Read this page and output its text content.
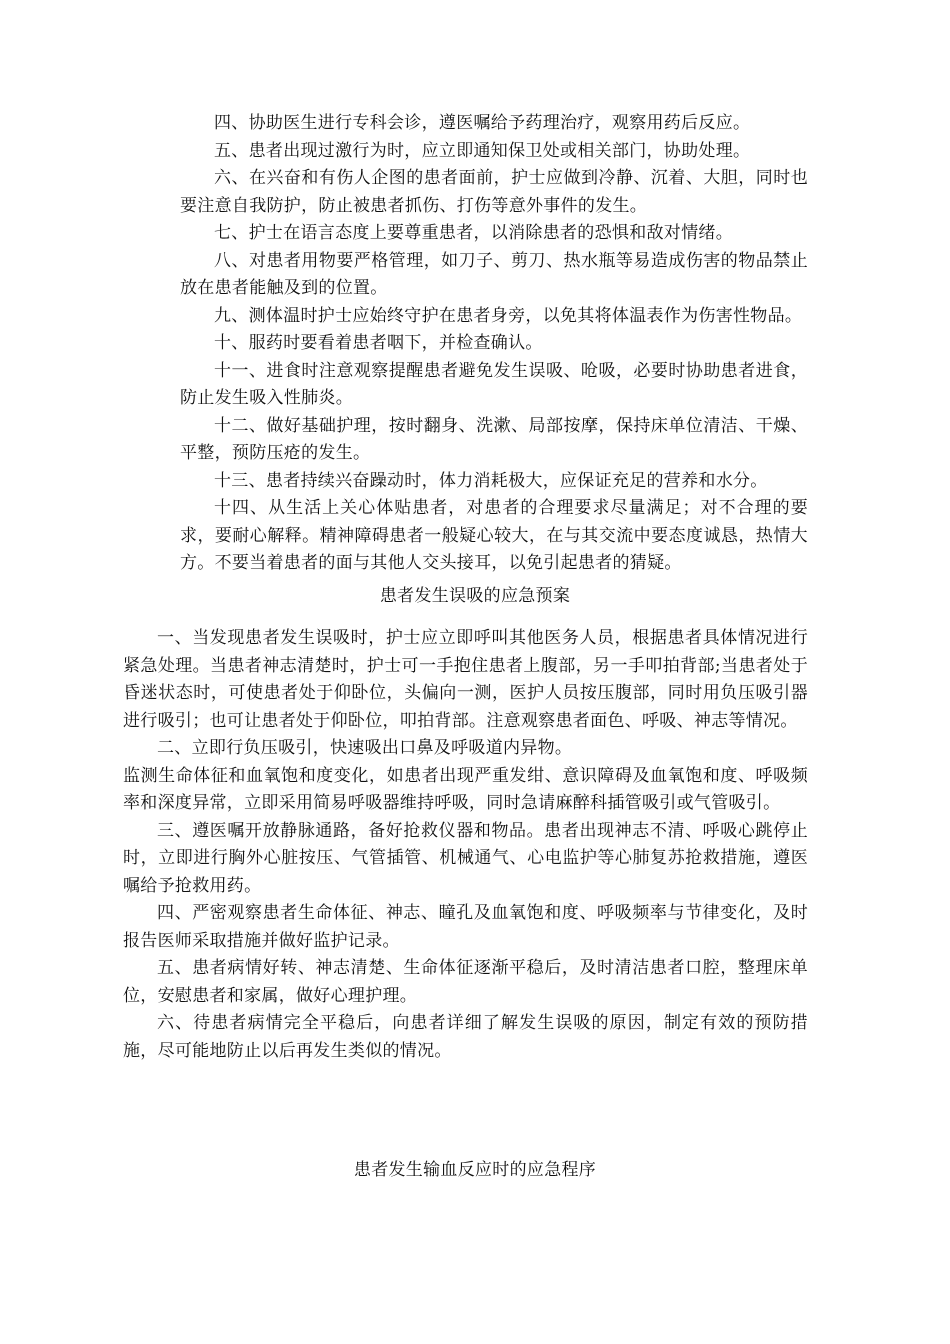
四、协助医生进行专科会诊，遵医嘱给予药理治疗，观察用药后反应。

五、患者出现过激行为时，应立即通知保卫处或相关部门，协助处理。

六、在兴奋和有伤人企图的患者面前，护士应做到冷静、沉着、大胆，同时也要注意自我防护，防止被患者抓伤、打伤等意外事件的发生。

七、护士在语言态度上要尊重患者，以消除患者的恐惧和敌对情绪。

八、对患者用物要严格管理，如刀子、剪刀、热水瓶等易造成伤害的物品禁止放在患者能触及到的位置。

九、测体温时护士应始终守护在患者身旁，以免其将体温表作为伤害性物品。

十、服药时要看着患者咽下，并检查确认。

十一、进食时注意观察提醒患者避免发生误吸、呛吸，必要时协助患者进食，防止发生吸入性肺炎。

十二、做好基础护理，按时翻身、洗漱、局部按摩，保持床单位清洁、干燥、平整，预防压疮的发生。

十三、患者持续兴奋躁动时，体力消耗极大，应保证充足的营养和水分。

十四、从生活上关心体贴患者，对患者的合理要求尽量满足；对不合理的要求，要耐心解释。精神障碍患者一般疑心较大，在与其交流中要态度诚恳，热情大方。不要当着患者的面与其他人交头接耳，以免引起患者的猜疑。

患者发生误吸的应急预案

一、当发现患者发生误吸时，护士应立即呼叫其他医务人员，根据患者具体情况进行紧急处理。当患者神志清楚时，护士可一手抱住患者上腹部，另一手叩拍背部;当患者处于昏迷状态时，可使患者处于仰卧位，头偏向一测，医护人员按压腹部，同时用负压吸引器进行吸引；也可让患者处于仰卧位，叩拍背部。注意观察患者面色、呼吸、神志等情况。

二、立即行负压吸引，快速吸出口鼻及呼吸道内异物。

监测生命体征和血氧饱和度变化，如患者出现严重发绀、意识障碍及血氧饱和度、呼吸频率和深度异常，立即采用简易呼吸器维持呼吸，同时急请麻醉科插管吸引或气管吸引。

三、遵医嘱开放静脉通路，备好抢救仪器和物品。患者出现神志不清、呼吸心跳停止时，立即进行胸外心脏按压、气管插管、机械通气、心电监护等心肺复苏抢救措施，遵医嘱给予抢救用药。

四、严密观察患者生命体征、神志、瞳孔及血氧饱和度、呼吸频率与节律变化，及时报告医师采取措施并做好监护记录。

五、患者病情好转、神志清楚、生命体征逐渐平稳后，及时清洁患者口腔，整理床单位，安慰患者和家属，做好心理护理。

六、待患者病情完全平稳后，向患者详细了解发生误吸的原因，制定有效的预防措施，尽可能地防止以后再发生类似的情况。

患者发生输血反应时的应急程序
